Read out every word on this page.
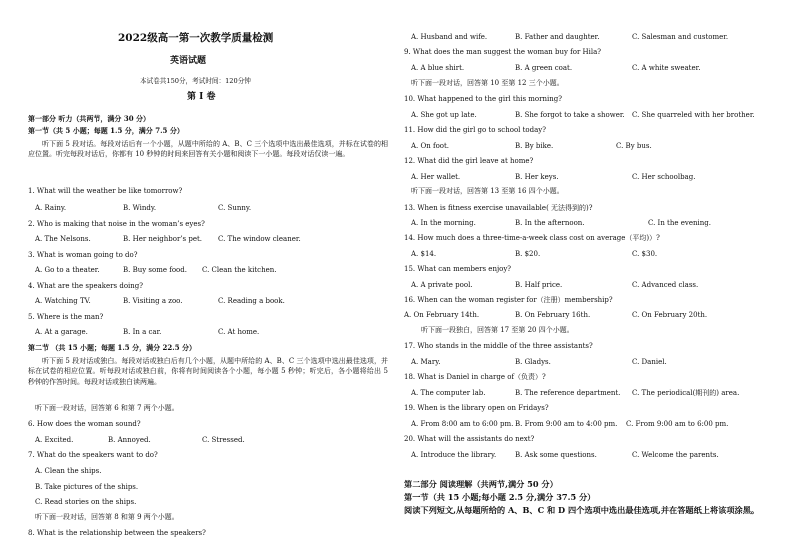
2022级高一第一次教学质量检测
英语试题
本试卷共150分，考试时间：120分钟
第 I 卷
第一部分 听力（共两节，满分 30 分）
第一节（共 5 小题；每题 1.5 分，满分 7.5 分）
听下面 5 段对话。每段对话后有一个小题，从题中所给的 A、B、C 三个选项中选出最佳选项，并标在试卷的相应位置。听完每段对话后，你都有 10 秒钟的时间来回答有关小题和阅读下一小题。每段对话仅读一遍。
1. What will the weather be like tomorrow?
A. Rainy.	B. Windy.	C. Sunny.
2. Who is making that noise in the woman’s eyes?
A. The Nelsons.	B. Her neighbor’s pet. C. The window cleaner.
3. What is woman going to do?
A. Go to a theater.	B. Buy some food. C. Clean the kitchen.
4. What are the speakers doing?
A. Watching TV.	B. Visiting a zoo.	C. Reading a book.
5. Where is the man?
A. At a garage.	B. In a car.	C. At home.
第二节 （共 15 小题；每题 1.5 分，满分 22.5 分）
听下面 5 段对话或独白。每段对话或独白后有几个小题，从题中所给的 A、B、C 三个选项中选出最佳选项，并标在试卷的相应位置。听每段对话或独白前，你将有时间阅读各个小题，每小题 5 秒钟；听完后，各小题将给出 5 秒钟的作答时间。每段对话或独白读两遍。
听下面一段对话，回答第 6 和第 7 两个小题。
6. How does the woman sound?
A. Excited.	B. Annoyed.	C. Stressed.
7. What do the speakers want to do?
A. Clean the ships.
B. Take pictures of the ships.
C. Read stories on the ships.
听下面一段对话，回答第 8 和第 9 两个小题。
8. What is the relationship between the speakers?
A. Husband and wife.	B. Father and daughter.	C. Salesman and customer.
9. What does the man suggest the woman buy for Hila?
A. A blue shirt.	B. A green coat.	C. A white sweater.
听下面一段对话，回答第 10 至第 12 三个小题。
10. What happened to the girl this morning?
A. She got up late.	B. She forgot to take a shower. C. She quarreled with her brother.
11. How did the girl go to school today?
A. On foot.	B. By bike.	C. By bus.
12. What did the girl leave at home?
A. Her wallet.	B. Her keys.	C. Her schoolbag.
听下面一段对话，回答第 13 至第 16 四个小题。
13. When is fitness exercise unavailable( 无法得到的)?
A. In the morning.	B. In the afternoon.	C. In the evening.
14. How much does a three-time-a-week class cost on average（平均)）?
A. $14.	B. $20.	C. $30.
15. What can members enjoy?
A. A private pool.	B. Half price.	C. Advanced class.
16. When can the woman register for（注册）membership?
A. On February 14th.	B. On February 16th.	C. On February 20th.
听下面一段独白，回答第 17 至第 20 四个小题。
17. Who stands in the middle of the three assistants?
A. Mary.	B. Gladys.	C. Daniel.
18. What is Daniel in charge of（负责）?
A. The computer lab.	B. The reference department. C. The periodical(期刊的) area.
19. When is the library open on Fridays?
A. From 8:00 am to 6:00 pm. B. From 9:00 am to 4:00 pm. C. From 9:00 am to 6:00 pm.
20. What will the assistants do next?
A. Introduce the library.	B. Ask some questions.	C. Welcome the parents.
第二部分 阅读理解（共两节,满分 50 分）
第一节（共 15 小题;每小题 2.5 分,满分 37.5 分）
阅读下列短文,从每题所给的 A、B、C 和 D 四个选项中选出最佳选项,并在答题纸上将该项涂黑。
